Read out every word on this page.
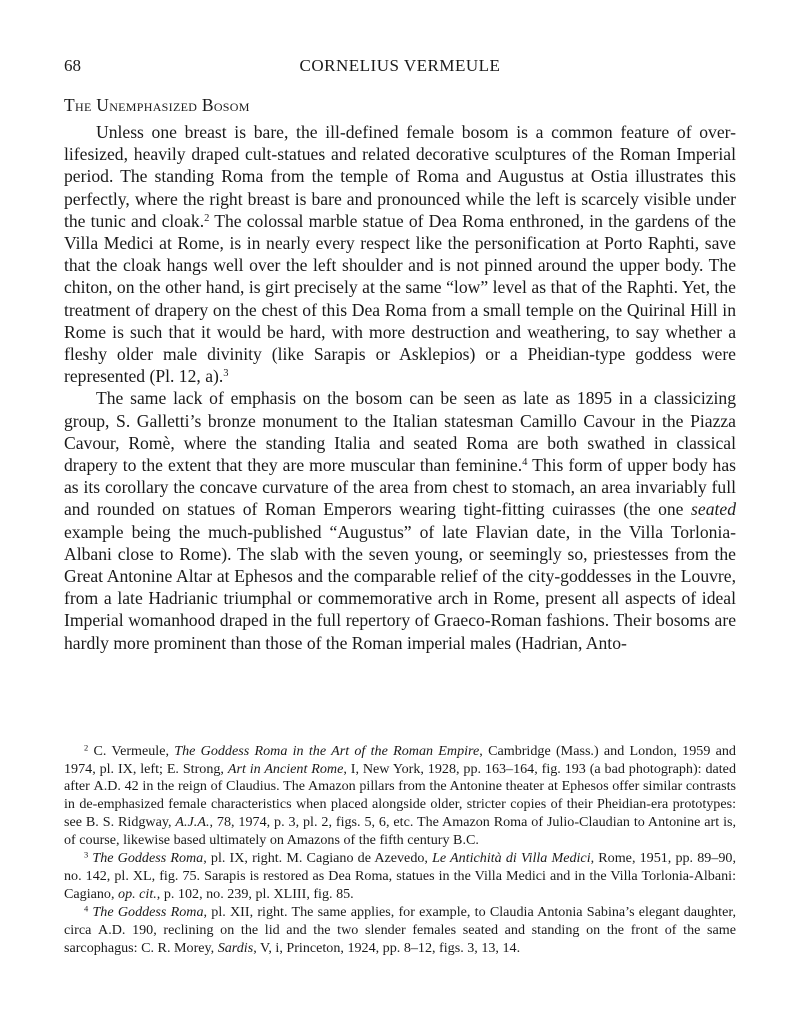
68	CORNELIUS VERMEULE
The Unemphasized Bosom

Unless one breast is bare, the ill-defined female bosom is a common feature of over-lifesized, heavily draped cult-statues and related decorative sculptures of the Roman Imperial period. The standing Roma from the temple of Roma and Augustus at Ostia illustrates this perfectly, where the right breast is bare and pronounced while the left is scarcely visible under the tunic and cloak.$^2$ The colossal marble statue of Dea Roma enthroned, in the gardens of the Villa Medici at Rome, is in nearly every respect like the personification at Porto Raphti, save that the cloak hangs well over the left shoulder and is not pinned around the upper body. The chiton, on the other hand, is girt precisely at the same “low” level as that of the Raphti. Yet, the treatment of drapery on the chest of this Dea Roma from a small temple on the Quirinal Hill in Rome is such that it would be hard, with more destruction and weathering, to say whether a fleshy older male divinity (like Sarapis or Asklepios) or a Pheidian-type goddess were represented (Pl. 12, a).$^3$

The same lack of emphasis on the bosom can be seen as late as 1895 in a classicizing group, S. Galletti’s bronze monument to the Italian statesman Camillo Cavour in the Piazza Cavour, Romè, where the standing Italia and seated Roma are both swathed in classical drapery to the extent that they are more muscular than feminine.$^4$ This form of upper body has as its corollary the concave curvature of the area from chest to stomach, an area invariably full and rounded on statues of Roman Emperors wearing tight-fitting cuirasses (the one seated example being the much-published “Augustus” of late Flavian date, in the Villa Torlonia-Albani close to Rome). The slab with the seven young, or seemingly so, priestesses from the Great Antonine Altar at Ephesos and the comparable relief of the city-goddesses in the Louvre, from a late Hadrianic triumphal or commemorative arch in Rome, present all aspects of ideal Imperial womanhood draped in the full repertory of Graeco-Roman fashions. Their bosoms are hardly more prominent than those of the Roman imperial males (Hadrian, Anto-

$^2$ C. Vermeule, The Goddess Roma in the Art of the Roman Empire, Cambridge (Mass.) and London, 1959 and 1974, pl. IX, left; E. Strong, Art in Ancient Rome, I, New York, 1928, pp. 163–164, fig. 193 (a bad photograph): dated after A.D. 42 in the reign of Claudius. The Amazon pillars from the Antonine theater at Ephesos offer similar contrasts in de-emphasized female characteristics when placed alongside older, stricter copies of their Pheidian-era prototypes: see B. S. Ridgway, A.J.A., 78, 1974, p. 3, pl. 2, figs. 5, 6, etc. The Amazon Roma of Julio-Claudian to Antonine art is, of course, likewise based ultimately on Amazons of the fifth century B.C.

$^3$ The Goddess Roma, pl. IX, right. M. Cagiano de Azevedo, Le Antichità di Villa Medici, Rome, 1951, pp. 89–90, no. 142, pl. XL, fig. 75. Sarapis is restored as Dea Roma, statues in the Villa Medici and in the Villa Torlonia-Albani: Cagiano, op. cit., p. 102, no. 239, pl. XLIII, fig. 85.

$^4$ The Goddess Roma, pl. XII, right. The same applies, for example, to Claudia Antonia Sabina’s elegant daughter, circa A.D. 190, reclining on the lid and the two slender females seated and standing on the front of the same sarcophagus: C. R. Morey, Sardis, V, i, Princeton, 1924, pp. 8–12, figs. 3, 13, 14.
